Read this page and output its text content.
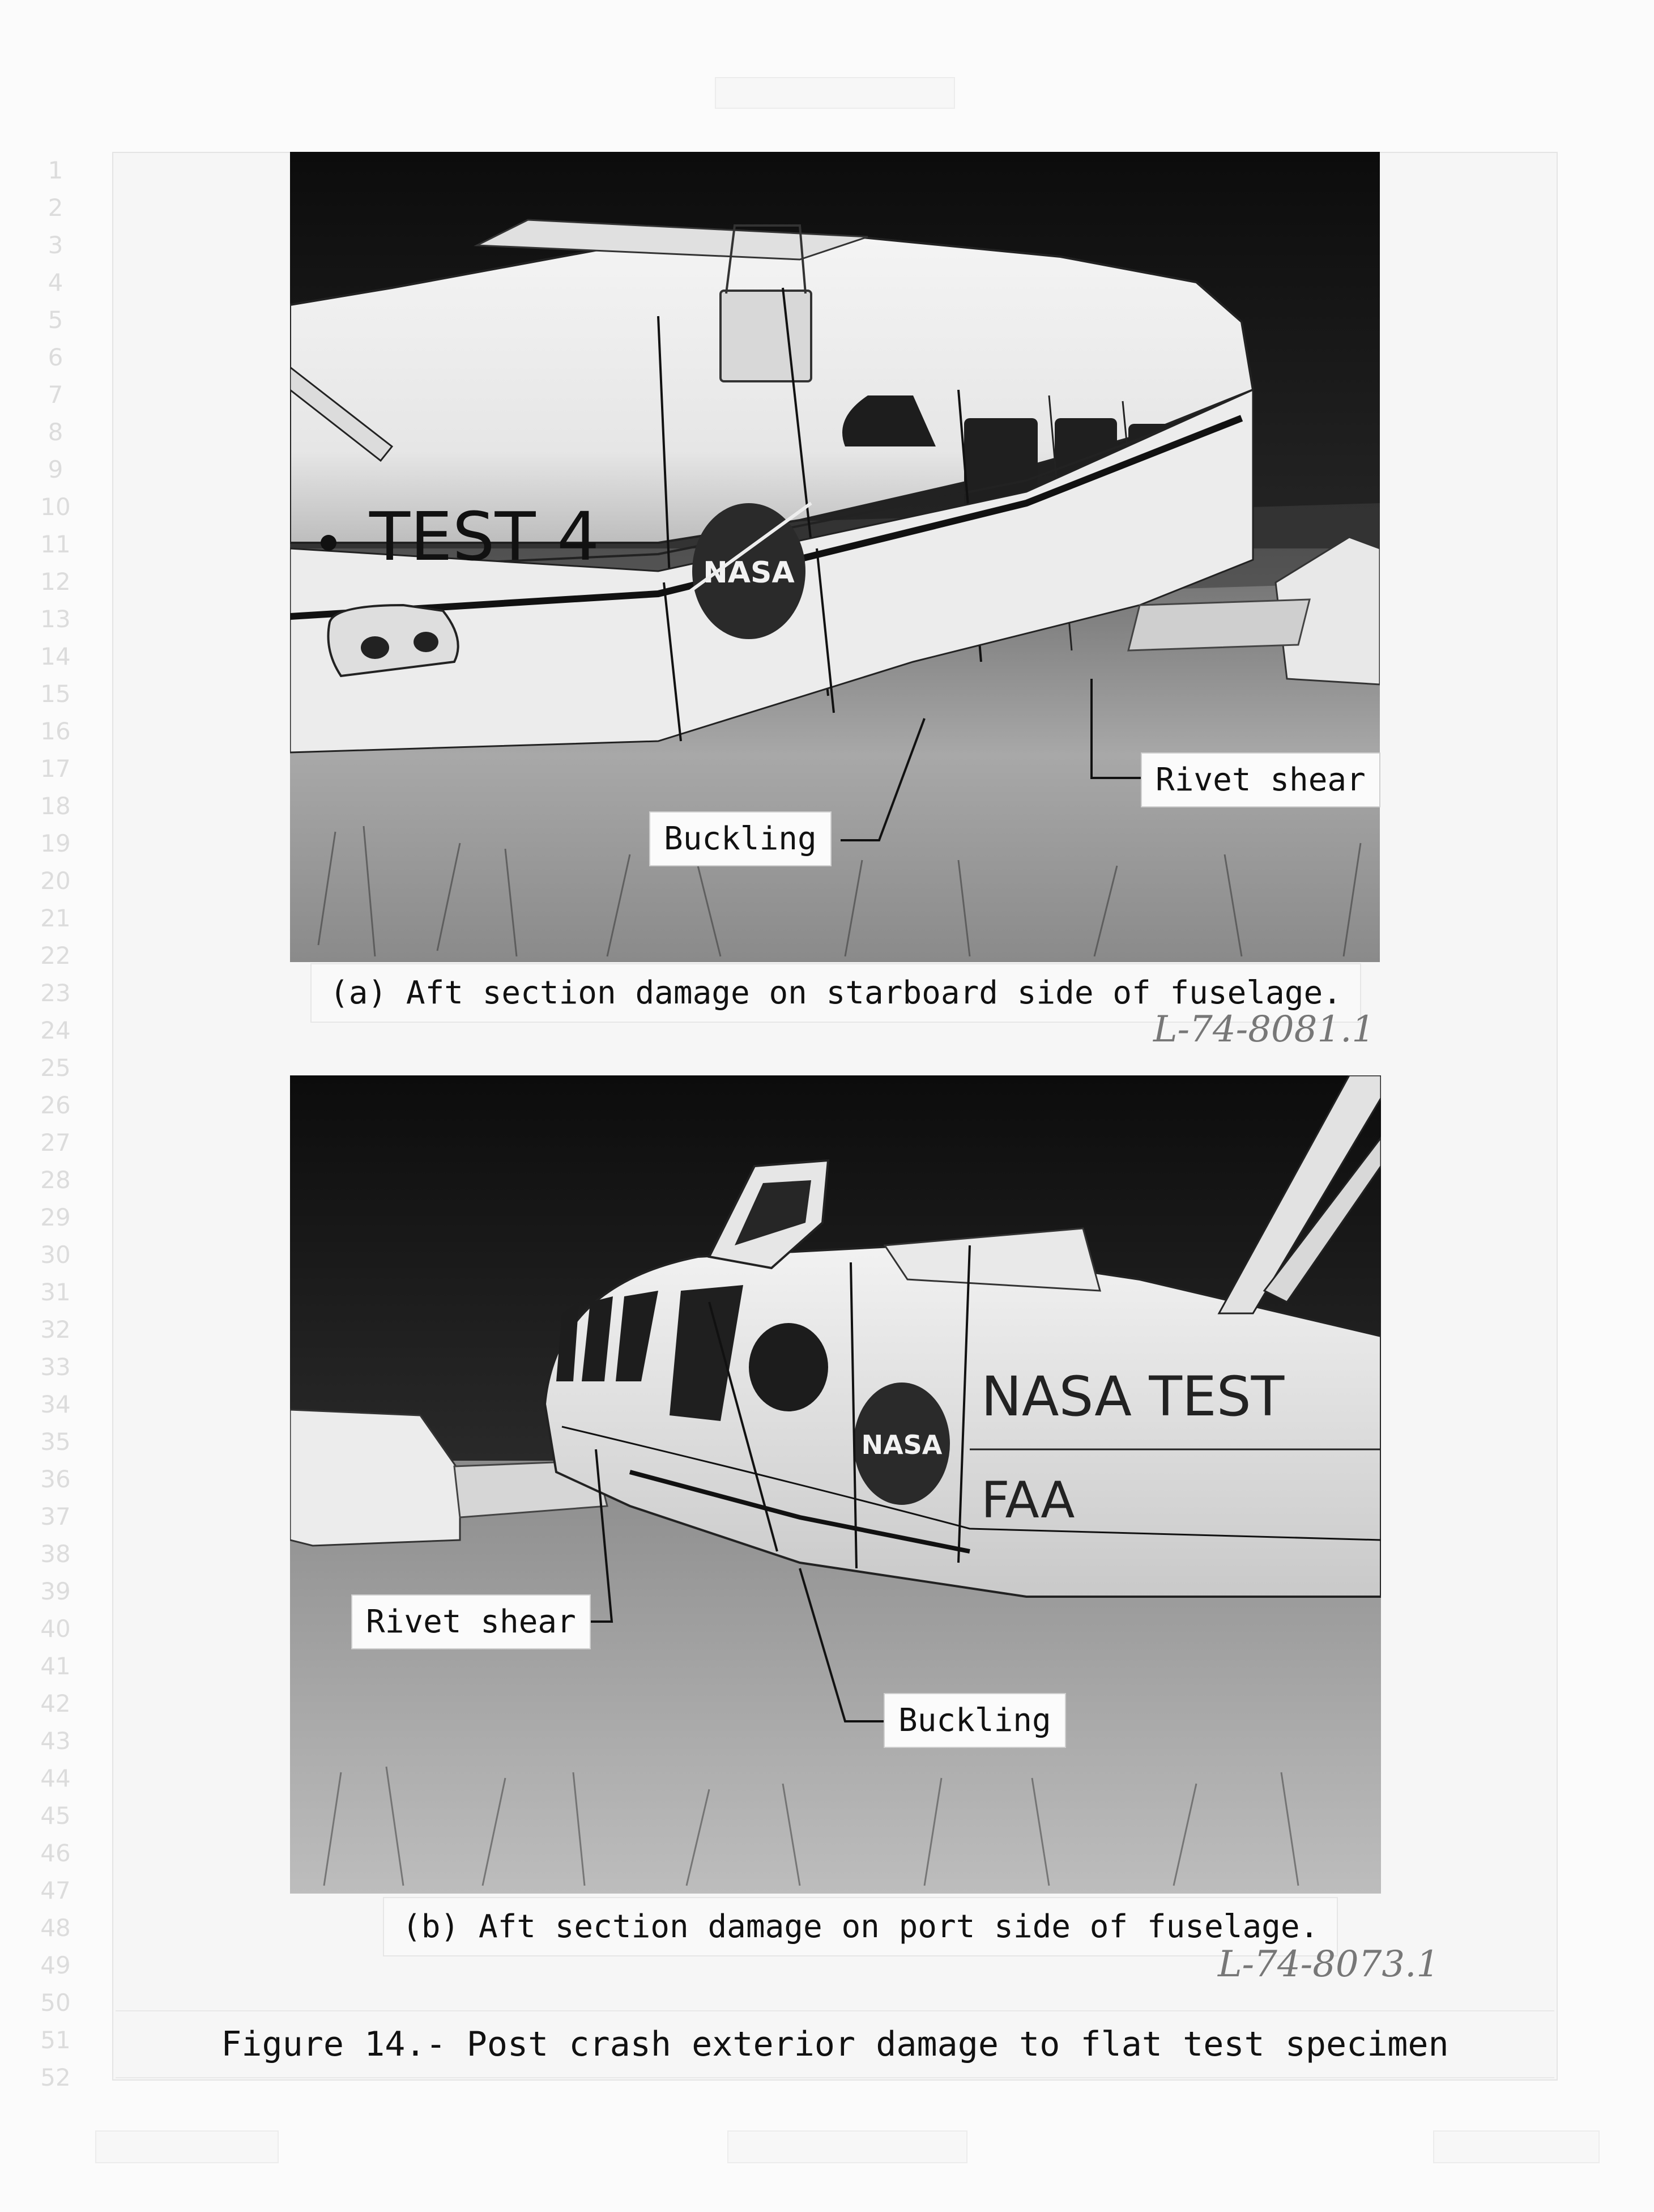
1
2
3
4
5
6
7
8
9
10
11
12
13
14
15
16
17
18
19
20
21
22
23
24
25
26
27
28
29
30
31
32
33
34
35
36
37
38
39
40
41
42
43
44
45
46
47
48
49
50
51
52
NASA
TEST 4
Rivet shear
Buckling
(a) Aft section damage on starboard side of fuselage.
L-74-8081.1
NASA
NASA TEST
FAA
Rivet shear
Buckling
(b) Aft section damage on port side of fuselage.
L-74-8073.1
Figure 14.- Post crash exterior damage to flat test specimen
